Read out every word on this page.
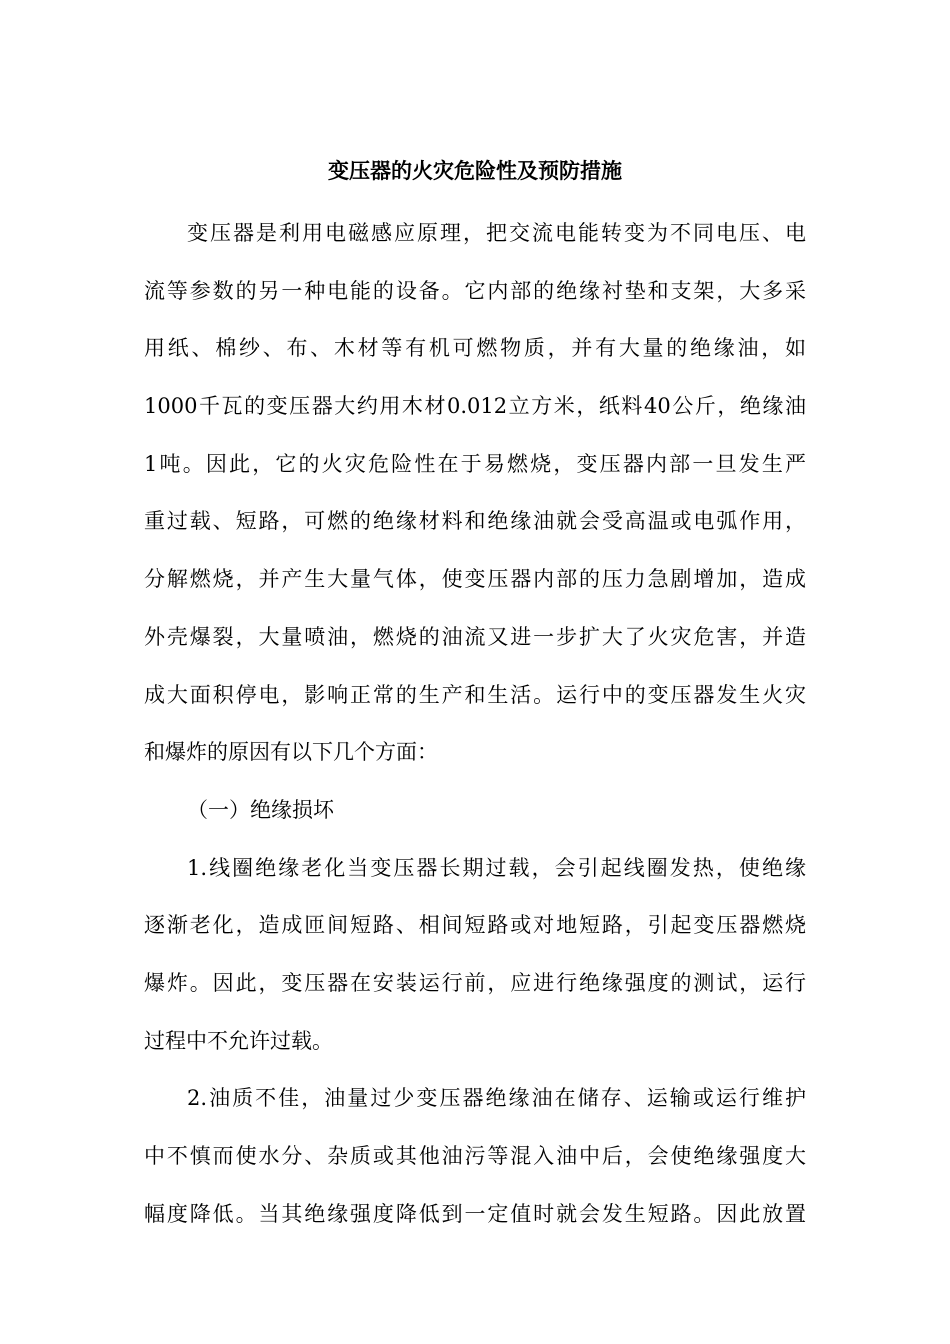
变压器的火灾危险性及预防措施
变压器是利用电磁感应原理，把交流电能转变为不同电压、电
流等参数的另一种电能的设备。它内部的绝缘衬垫和支架，大多采
用纸、棉纱、布、木材等有机可燃物质，并有大量的绝缘油，如
1000千瓦的变压器大约用木材0.012立方米，纸料40公斤，绝缘油
1吨。因此，它的火灾危险性在于易燃烧，变压器内部一旦发生严
重过载、短路，可燃的绝缘材料和绝缘油就会受高温或电弧作用，
分解燃烧，并产生大量气体，使变压器内部的压力急剧增加，造成
外壳爆裂，大量喷油，燃烧的油流又进一步扩大了火灾危害，并造
成大面积停电，影响正常的生产和生活。运行中的变压器发生火灾
和爆炸的原因有以下几个方面：
（一）绝缘损坏
1.线圈绝缘老化当变压器长期过载，会引起线圈发热，使绝缘
逐渐老化，造成匝间短路、相间短路或对地短路，引起变压器燃烧
爆炸。因此，变压器在安装运行前，应进行绝缘强度的测试，运行
过程中不允许过载。
2.油质不佳，油量过少变压器绝缘油在储存、运输或运行维护
中不慎而使水分、杂质或其他油污等混入油中后，会使绝缘强度大
幅度降低。当其绝缘强度降低到一定值时就会发生短路。因此放置
